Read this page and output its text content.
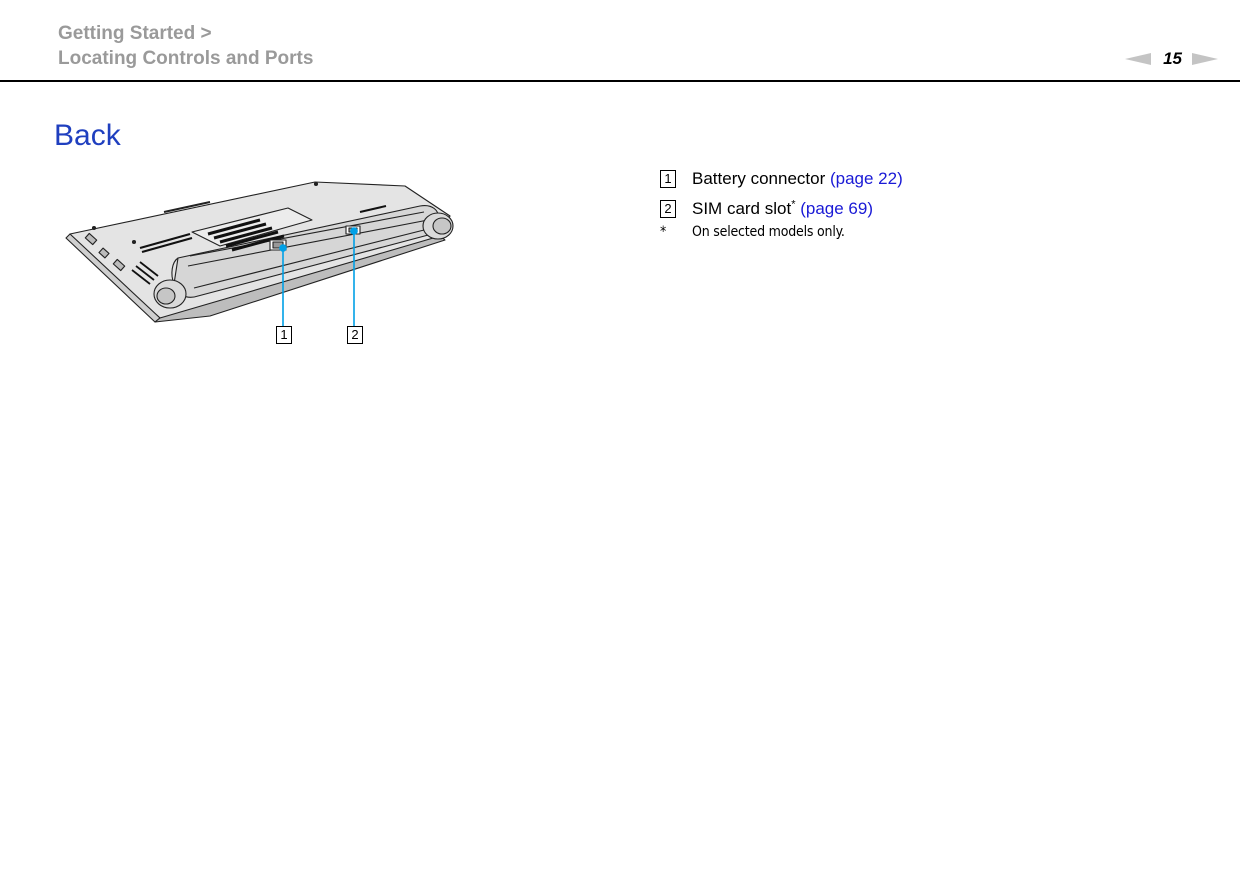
Getting Started >
Locating Controls and Ports	15
Back
1	2
1 Battery connector (page 22)
2 SIM card slot* (page 69)
*	On selected models only.
